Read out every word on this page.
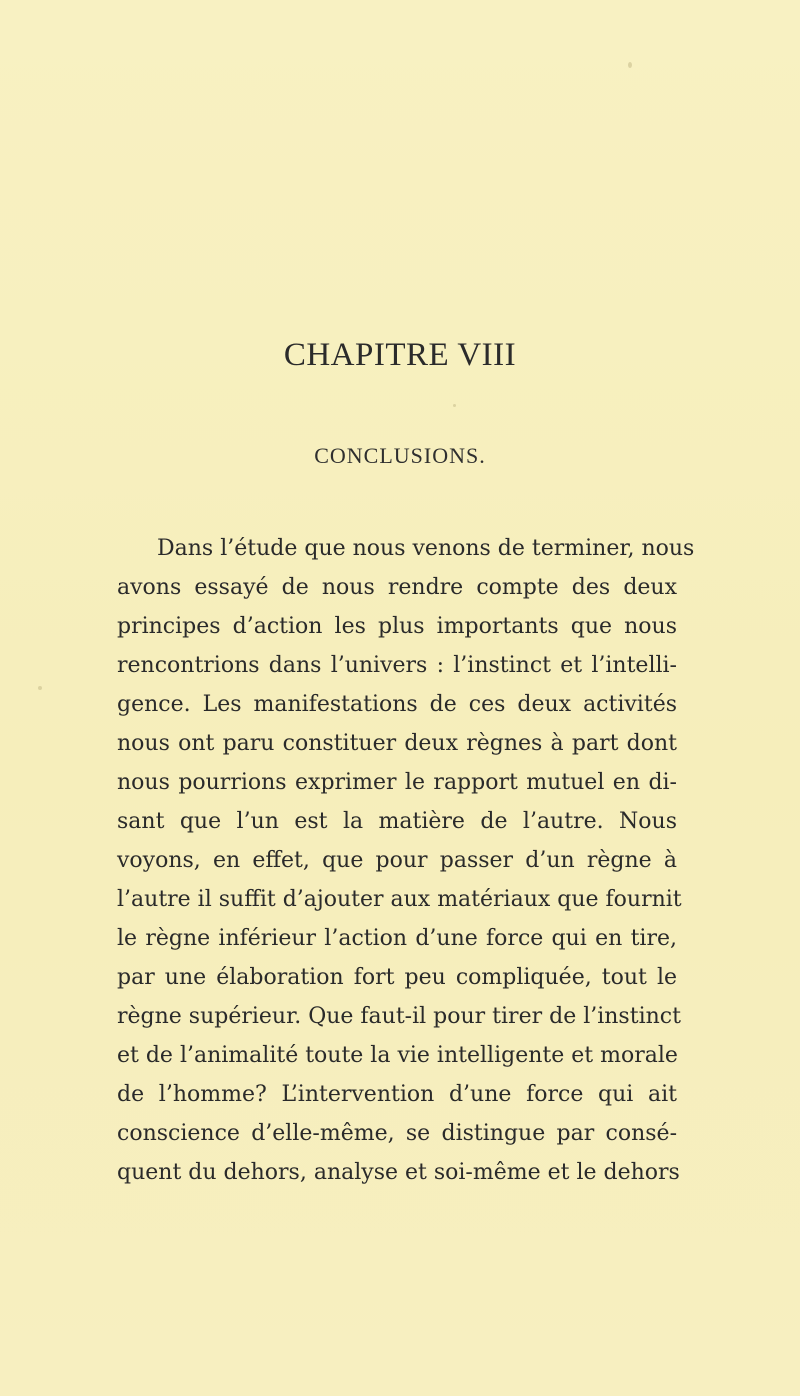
CHAPITRE VIII
CONCLUSIONS.
Dans l’étude que nous venons de terminer, nous
avons essayé de nous rendre compte des deux
principes d’action les plus importants que nous
rencontrions dans l’univers : l’instinct et l’intelli-
gence. Les manifestations de ces deux activités
nous ont paru constituer deux règnes à part dont
nous pourrions exprimer le rapport mutuel en di-
sant que l’un est la matière de l’autre. Nous
voyons, en effet, que pour passer d’un règne à
l’autre il suffit d’ajouter aux matériaux que fournit
le règne inférieur l’action d’une force qui en tire,
par une élaboration fort peu compliquée, tout le
règne supérieur. Que faut-il pour tirer de l’instinct
et de l’animalité toute la vie intelligente et morale
de l’homme? L’intervention d’une force qui ait
conscience d’elle-même, se distingue par consé-
quent du dehors, analyse et soi-même et le dehors
